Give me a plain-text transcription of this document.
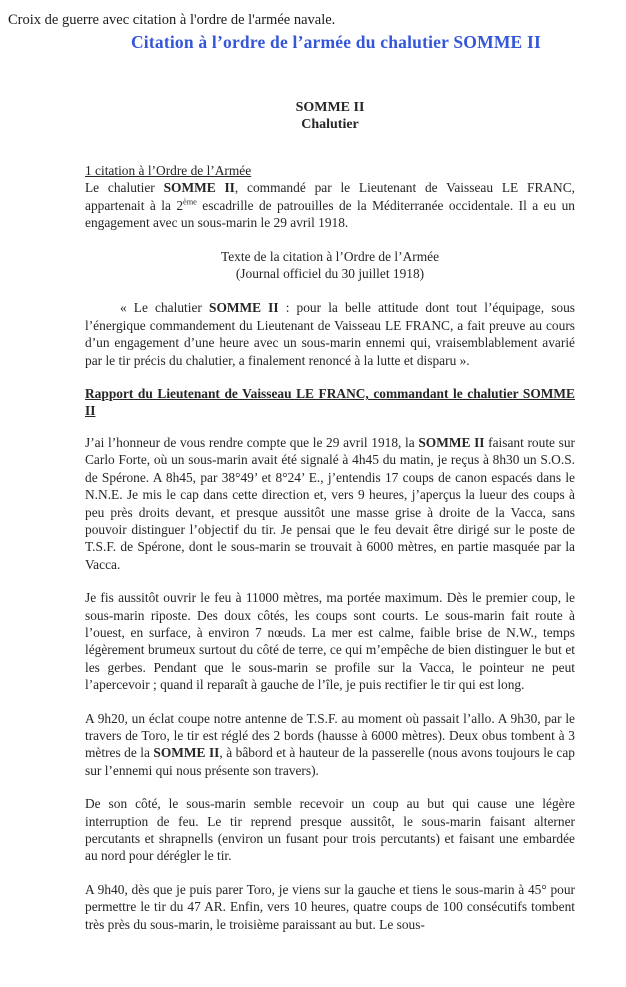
Croix de guerre avec citation à l'ordre de l'armée navale.
Citation à l’ordre de l’armée du chalutier SOMME II
SOMME II
Chalutier
1 citation à l’Ordre de l’Armée

Le chalutier SOMME II, commandé par le Lieutenant de Vaisseau LE FRANC, appartenait à la 2ème escadrille de patrouilles de la Méditerranée occidentale. Il a eu un engagement avec un sous-marin le 29 avril 1918.

Texte de la citation à l’Ordre de l’Armée
(Journal officiel du 30 juillet 1918)

« Le chalutier SOMME II : pour la belle attitude dont tout l’équipage, sous l’énergique commandement du Lieutenant de Vaisseau LE FRANC, a fait preuve au cours d’un engagement d’une heure avec un sous-marin ennemi qui, vraisemblablement avarié par le tir précis du chalutier, a finalement renoncé à la lutte et disparu ».

Rapport du Lieutenant de Vaisseau LE FRANC, commandant le chalutier SOMME II

J’ai l’honneur de vous rendre compte que le 29 avril 1918, la SOMME II faisant route sur Carlo Forte, où un sous-marin avait été signalé à 4h45 du matin, je reçus à 8h30 un S.O.S. de Spérone. A 8h45, par 38°49’ et 8°24’ E., j’entendis 17 coups de canon espacés dans le N.N.E. Je mis le cap dans cette direction et, vers 9 heures, j’aperçus la lueur des coups à peu près droits devant, et presque aussitôt une masse grise à droite de la Vacca, sans pouvoir distinguer l’objectif du tir. Je pensai que le feu devait être dirigé sur le poste de T.S.F. de Spérone, dont le sous-marin se trouvait à 6000 mètres, en partie masquée par la Vacca.

Je fis aussitôt ouvrir le feu à 11000 mètres, ma portée maximum. Dès le premier coup, le sous-marin riposte. Des doux côtés, les coups sont courts. Le sous-marin fait route à l’ouest, en surface, à environ 7 nœuds. La mer est calme, faible brise de N.W., temps légèrement brumeux surtout du côté de terre, ce qui m’empêche de bien distinguer le but et les gerbes. Pendant que le sous-marin se profile sur la Vacca, le pointeur ne peut l’apercevoir ; quand il reparaît à gauche de l’île, je puis rectifier le tir qui est long.

A 9h20, un éclat coupe notre antenne de T.S.F. au moment où passait l’allo. A 9h30, par le travers de Toro, le tir est réglé des 2 bords (hausse à 6000 mètres). Deux obus tombent à 3 mètres de la SOMME II, à bâbord et à hauteur de la passerelle (nous avons toujours le cap sur l’ennemi qui nous présente son travers).

De son côté, le sous-marin semble recevoir un coup au but qui cause une légère interruption de feu. Le tir reprend presque aussitôt, le sous-marin faisant alterner percutants et shrapnells (environ un fusant pour trois percutants) et faisant une embardée au nord pour dérégler le tir.

A 9h40, dès que je puis parer Toro, je viens sur la gauche et tiens le sous-marin à 45° pour permettre le tir du 47 AR. Enfin, vers 10 heures, quatre coups de 100 consécutifs tombent très près du sous-marin, le troisième paraissant au but. Le sous-
